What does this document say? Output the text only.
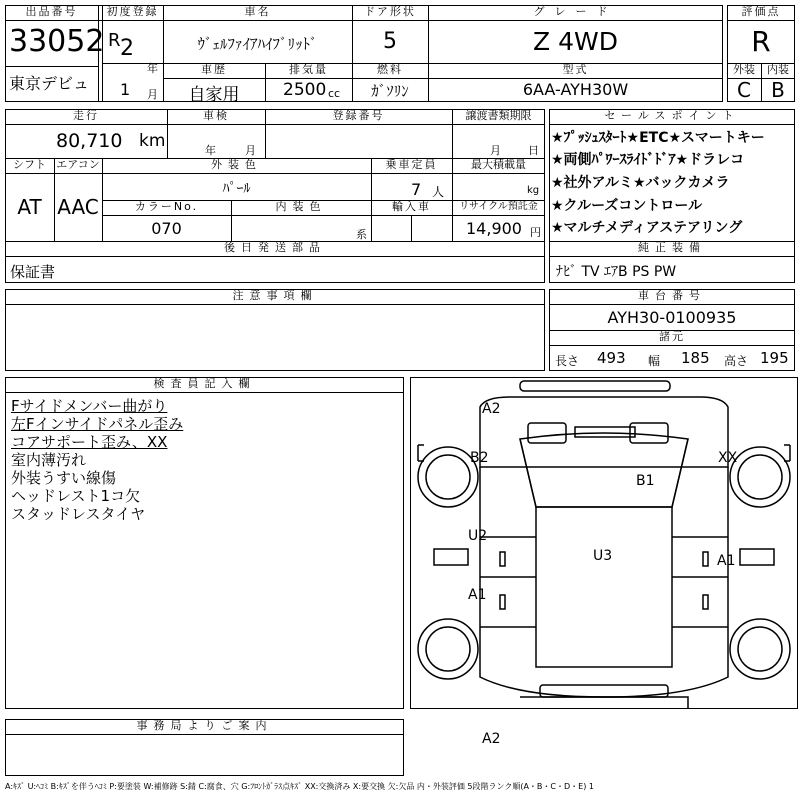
出品番号
33052
東京デビュ
初度登録
R 2
年
1 月
車名
ｳﾞｪﾙﾌｧｲｱﾊｲﾌﾞﾘｯﾄﾞ
ドア形状
5
グレード
Z 4WD
評価点
R
車歴
自家用
排気量
2500 cc
燃料
ｶﾞｿﾘﾝ
型式
6AA-AYH30W
外装	内装
C	B
走行
80,710 km
車検
年	月
登録番号	譲渡書類期限
月 日
シフト
AT
エアコン
AAC
外装色
ﾊﾟｰﾙ
乗車定員
7 人
最大積載量
kg
カラーNo.
070
内装色
系
輸入車	リサイクル預託金
14,900 円
後日発送部品
保証書
セールスポイント
★ﾌﾟｯｼｭｽﾀｰﾄ★ETC★スマートキー
★両側ﾊﾟﾜｰｽﾗｲﾄﾞﾄﾞｱ★ドラレコ
★社外アルミ★バックカメラ
★クルーズコントロール
★マルチメディアステアリング
純正装備
ﾅﾋﾞ TV ｴｱB PS PW
注意事項欄	車台番号
AYH30-0100935
諸元
長さ 493 幅 185 高さ 195
検査員記入欄
Fサイドメンバー曲がり
左Fインサイドパネル歪み
コアサポート歪み、XX
室内薄汚れ
外装うすい線傷
ヘッドレスト1コ欠
スタッドレスタイヤ
事務局よりご案内
A2
B2
B1
XX
U2
U3	A1
A1
A2
A:ｷｽﾞ U:ﾍｺﾐ B:ｷｽﾞを伴うﾍｺﾐ P:要塗装 W:補修跡 S:錆 C:腐食、穴 G:ﾌﾛﾝﾄｶﾞﾗｽ点ｷｽﾞ XX:交換済み X:要交換 欠:欠品 内・外装評価 5段階ランク順(A・B・C・D・E) 1
